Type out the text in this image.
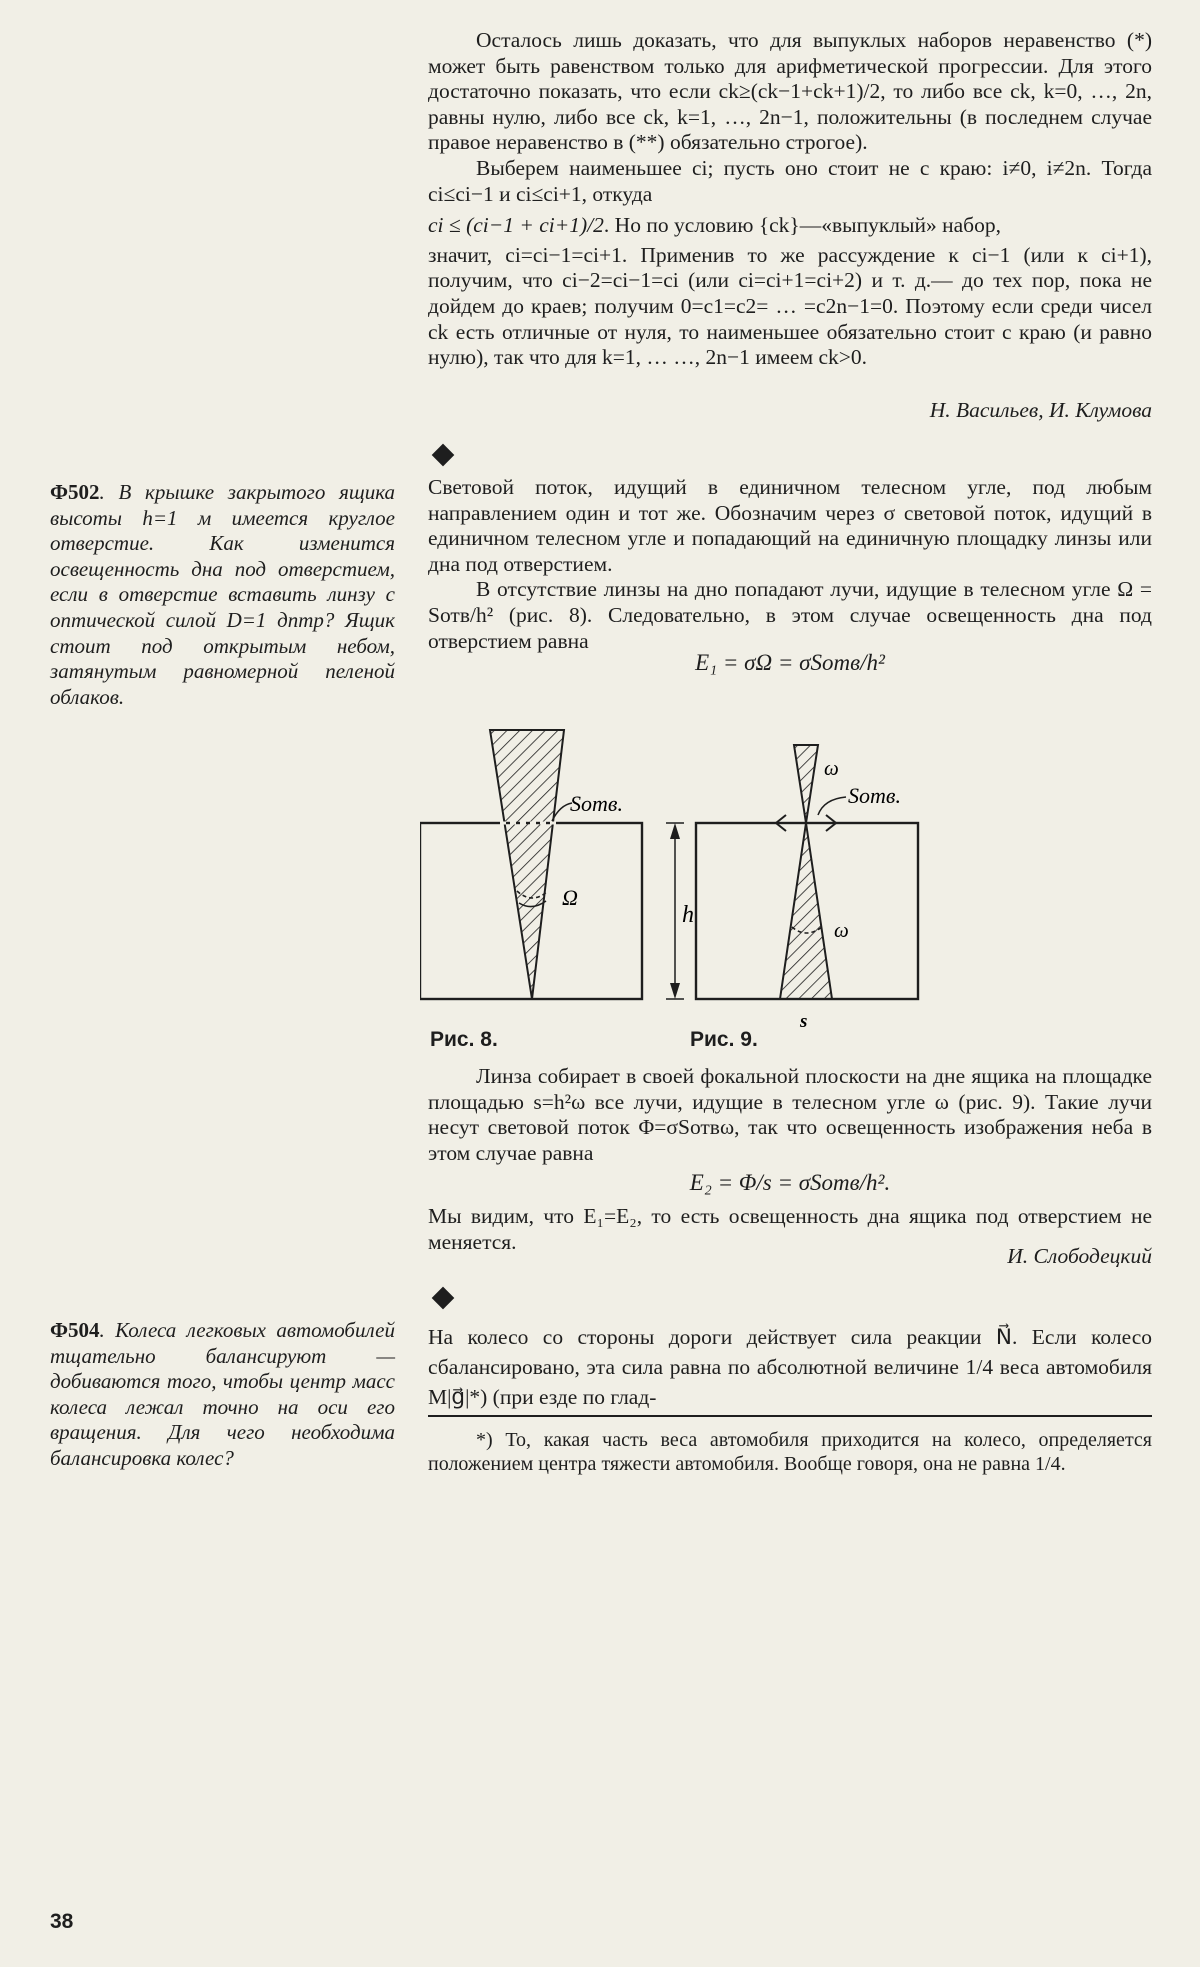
Осталось лишь доказать, что для выпуклых наборов неравенство (*) может быть равенством только для арифметической прогрессии. Для этого достаточно показать, что если ck≥(ck−1+ck+1)/2, то либо все ck, k=0, …, 2n, равны нулю, либо все ck, k=1, …, 2n−1, положительны (в последнем случае правое неравенство в (**) обязательно строгое).

Выберем наименьшее ci; пусть оно стоит не с краю: i≠0, i≠2n. Тогда ci≤ci−1 и ci≤ci+1, откуда

ci ≤ (ci−1 + ci+1)/2. Но по условию {ck}—«выпуклый» набор,

значит, ci=ci−1=ci+1. Применив то же рассуждение к ci−1 (или к ci+1), получим, что ci−2=ci−1=ci (или ci=ci+1=ci+2) и т. д.— до тех пор, пока не дойдем до краев; получим 0=c1=c2= … =c2n−1=0. Поэтому если среди чисел ck есть отличные от нуля, то наименьшее обязательно стоит с краю (и равно нулю), так что для k=1, … …, 2n−1 имеем ck>0.

Н. Васильев, И. Клумова
Ф502. В крышке закрытого ящика высоты h=1 м имеется круглое отверстие. Как изменится освещенность дна под отверстием, если в отверстие вставить линзу с оптической силой D=1 дптр? Ящик стоит под открытым небом, затянутым равномерной пеленой облаков.

Световой поток, идущий в единичном телесном угле, под любым направлением один и тот же. Обозначим через σ световой поток, идущий в единичном телесном угле и попадающий на единичную площадку линзы или дна под отверстием.

В отсутствие линзы на дно попадают лучи, идущие в телесном угле Ω = Sотв/h² (рис. 8). Следовательно, в этом случае освещенность дна под отверстием равна

E₁ = σΩ = σSотв/h²
Sотв.
Ω
h
ω
Sотв.
ω
s
Рис. 8.	Рис. 9.

Линза собирает в своей фокальной плоскости на дне ящика на площадке площадью s=h²ω все лучи, идущие в телесном угле ω (рис. 9). Такие лучи несут световой поток Φ=σSотвω, так что освещенность изображения неба в этом случае равна

E₂ = Φ/s = σSотв/h².

Мы видим, что E₁=E₂, то есть освещенность дна ящика под отверстием не меняется.

И. Слободецкий
Ф504. Колеса легковых автомобилей тщательно балансируют — добиваются того, чтобы центр масс колеса лежал точно на оси его вращения. Для чего необходима балансировка колес?

На колесо со стороны дороги действует сила реакции N⃗. Если колесо сбалансировано, эта сила равна по абсолютной величине 1/4 веса автомобиля M|g⃗|*) (при езде по глад-

*) То, какая часть веса автомобиля приходится на колесо, определяется положением центра тяжести автомобиля. Вообще говоря, она не равна 1/4.

38
